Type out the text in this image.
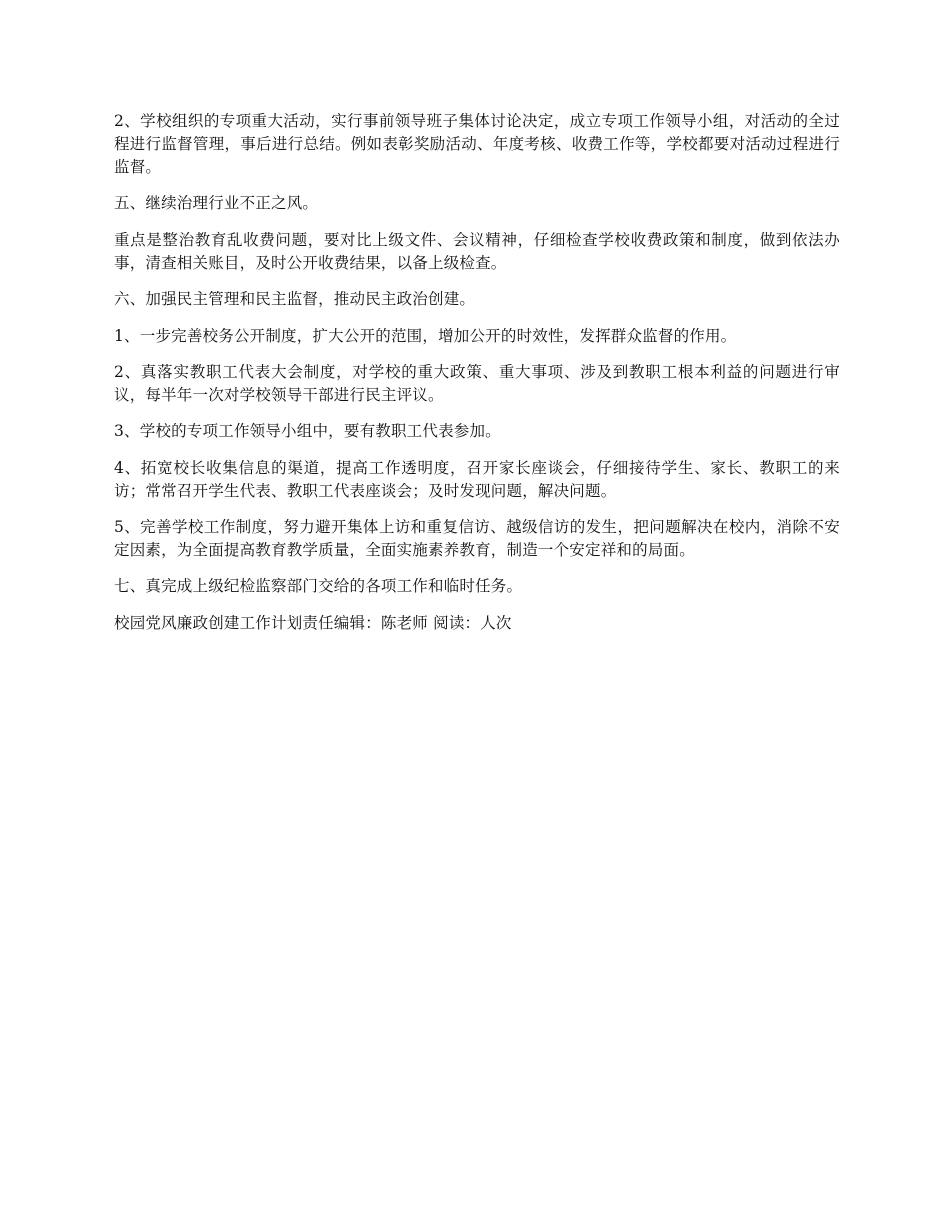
2、学校组织的专项重大活动，实行事前领导班子集体讨论决定，成立专项工作领导小组，对活动的全过程进行监督管理，事后进行总结。例如表彰奖励活动、年度考核、收费工作等，学校都要对活动过程进行监督。

五、继续治理行业不正之风。

重点是整治教育乱收费问题，要对比上级文件、会议精神，仔细检查学校收费政策和制度，做到依法办事，清查相关账目，及时公开收费结果，以备上级检查。

六、加强民主管理和民主监督，推动民主政治创建。

1、一步完善校务公开制度，扩大公开的范围，增加公开的时效性，发挥群众监督的作用。

2、真落实教职工代表大会制度，对学校的重大政策、重大事项、涉及到教职工根本利益的问题进行审议，每半年一次对学校领导干部进行民主评议。

3、学校的专项工作领导小组中，要有教职工代表参加。

4、拓宽校长收集信息的渠道，提高工作透明度，召开家长座谈会，仔细接待学生、家长、教职工的来访；常常召开学生代表、教职工代表座谈会；及时发现问题，解决问题。

5、完善学校工作制度，努力避开集体上访和重复信访、越级信访的发生，把问题解决在校内，消除不安定因素，为全面提高教育教学质量，全面实施素养教育，制造一个安定祥和的局面。

七、真完成上级纪检监察部门交给的各项工作和临时任务。

校园党风廉政创建工作计划责任编辑：陈老师 阅读：人次
